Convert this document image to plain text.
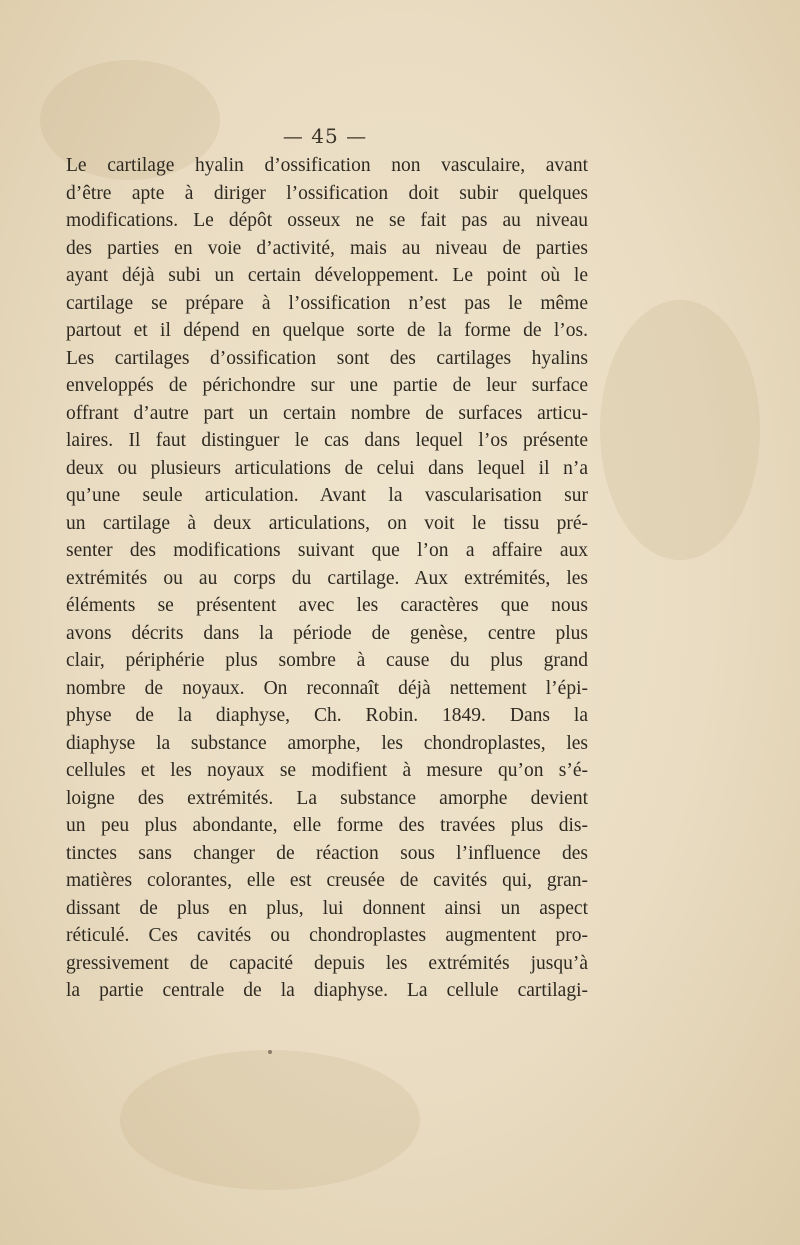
— 45 —
Le cartilage hyalin d’ossification non vasculaire, avant
d’être apte à diriger l’ossification doit subir quelques
modifications. Le dépôt osseux ne se fait pas au niveau
des parties en voie d’activité, mais au niveau de parties
ayant déjà subi un certain développement. Le point où le
cartilage se prépare à l’ossification n’est pas le même
partout et il dépend en quelque sorte de la forme de l’os.
Les cartilages d’ossification sont des cartilages hyalins
enveloppés de périchondre sur une partie de leur surface
offrant d’autre part un certain nombre de surfaces articu-
laires. Il faut distinguer le cas dans lequel l’os présente
deux ou plusieurs articulations de celui dans lequel il n’a
qu’une seule articulation. Avant la vascularisation sur
un cartilage à deux articulations, on voit le tissu pré-
senter des modifications suivant que l’on a affaire aux
extrémités ou au corps du cartilage. Aux extrémités, les
éléments se présentent avec les caractères que nous
avons décrits dans la période de genèse, centre plus
clair, périphérie plus sombre à cause du plus grand
nombre de noyaux. On reconnaît déjà nettement l’épi-
physe de la diaphyse, Ch. Robin. 1849. Dans la
diaphyse la substance amorphe, les chondroplastes, les
cellules et les noyaux se modifient à mesure qu’on s’é-
loigne des extrémités. La substance amorphe devient
un peu plus abondante, elle forme des travées plus dis-
tinctes sans changer de réaction sous l’influence des
matières colorantes, elle est creusée de cavités qui, gran-
dissant de plus en plus, lui donnent ainsi un aspect
réticulé. Ces cavités ou chondroplastes augmentent pro-
gressivement de capacité depuis les extrémités jusqu’à
la partie centrale de la diaphyse. La cellule cartilagi-
